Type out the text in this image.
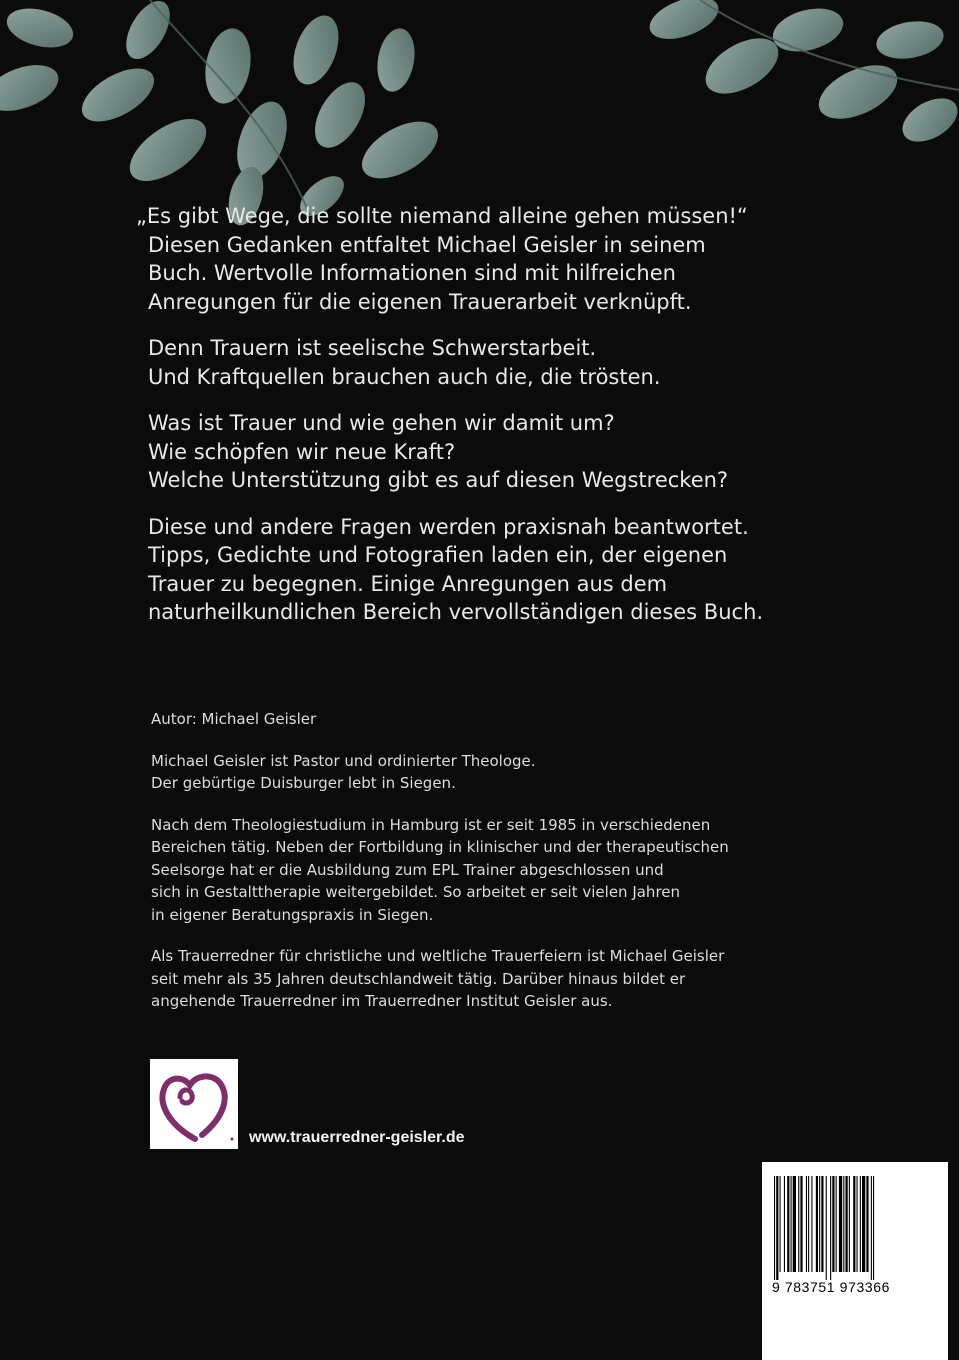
„Es gibt Wege, die sollte niemand alleine gehen müssen!“
Diesen Gedanken entfaltet Michael Geisler in seinem
Buch. Wertvolle Informationen sind mit hilfreichen
Anregungen für die eigenen Trauerarbeit verknüpft.

Denn Trauern ist seelische Schwerstarbeit.
Und Kraftquellen brauchen auch die, die trösten.

Was ist Trauer und wie gehen wir damit um?
Wie schöpfen wir neue Kraft?
Welche Unterstützung gibt es auf diesen Wegstrecken?

Diese und andere Fragen werden praxisnah beantwortet.
Tipps, Gedichte und Fotografien laden ein, der eigenen
Trauer zu begegnen. Einige Anregungen aus dem
naturheilkundlichen Bereich vervollständigen dieses Buch.

Autor: Michael Geisler

Michael Geisler ist Pastor und ordinierter Theologe.
Der gebürtige Duisburger lebt in Siegen.

Nach dem Theologiestudium in Hamburg ist er seit 1985 in verschiedenen
Bereichen tätig. Neben der Fortbildung in klinischer und der therapeutischen
Seelsorge hat er die Ausbildung zum EPL Trainer abgeschlossen und
sich in Gestalttherapie weitergebildet. So arbeitet er seit vielen Jahren
in eigener Beratungspraxis in Siegen.

Als Trauerredner für christliche und weltliche Trauerfeiern ist Michael Geisler
seit mehr als 35 Jahren deutschlandweit tätig. Darüber hinaus bildet er
angehende Trauerredner im Trauerredner Institut Geisler aus.

www.trauerredner-geisler.de
9 783751 973366
